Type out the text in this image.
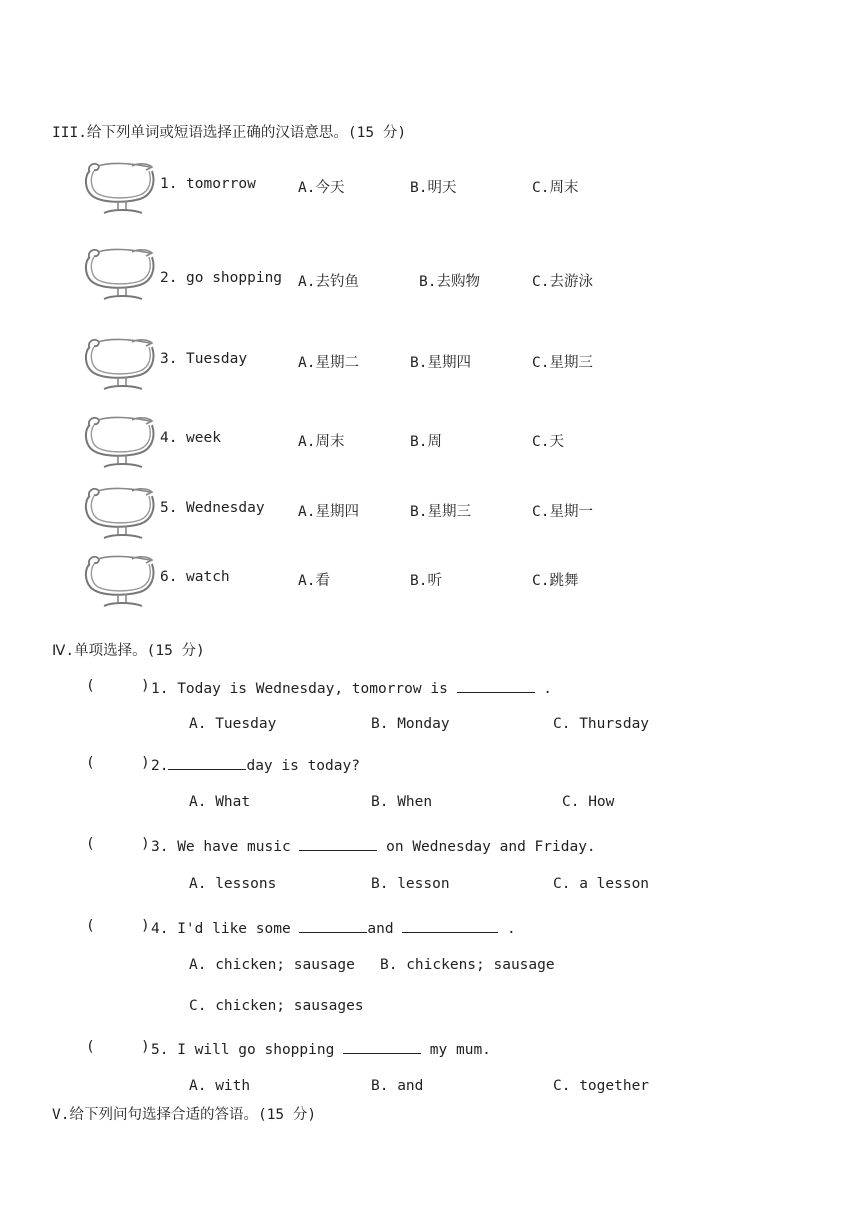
III.给下列单词或短语选择正确的汉语意思。(15 分)
1. tomorrow	A.今天	B.明天	C.周末
2. go shopping A.去钓鱼	B.去购物	C.去游泳
3. Tuesday	A.星期二	B.星期四	C.星期三
4. week	A.周末	B.周	C.天
5. Wednesday A.星期四	B.星期三	C.星期一
6. watch	A.看	B.听	C.跳舞
Ⅳ.单项选择。(15 分)
(	) 1. Today is Wednesday, tomorrow is	.
A. Tuesday	B. Monday	C. Thursday
(	) 2.	day is today?
A. What	B. When	C. How
(	) 3. We have music	on Wednesday and Friday.
A. lessons	B. lesson	C. a lesson
(	) 4. I'd like some	and	.
A. chicken; sausage B. chickens; sausage
C. chicken; sausages
(	) 5. I will go shopping	my mum.
A. with	B. and	C. together
V.给下列问句选择合适的答语。(15 分)
